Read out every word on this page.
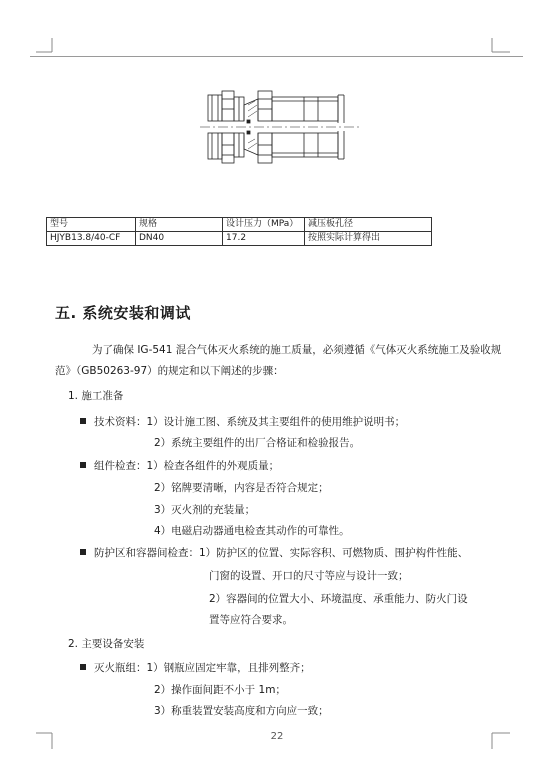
型号	规格	设计压力（MPa）	减压板孔径
HJYB13.8/40-CF	DN40	17.2	按照实际计算得出
五. 系统安装和调试
为了确保 IG-541 混合气体灭火系统的施工质量，必须遵循《气体灭火系统施工及验收规范》（GB50263-97）的规定和以下阐述的步骤：
1. 施工准备
技术资料：1）设计施工图、系统及其主要组件的使用维护说明书；
2）系统主要组件的出厂合格证和检验报告。
组件检查：1）检查各组件的外观质量；
2）铭牌要清晰，内容是否符合规定；
3）灭火剂的充装量；
4）电磁启动器通电检查其动作的可靠性。
防护区和容器间检查：1）防护区的位置、实际容积、可燃物质、围护构件性能、
门窗的设置、开口的尺寸等应与设计一致；
2）容器间的位置大小、环境温度、承重能力、防火门设
置等应符合要求。
2. 主要设备安装
灭火瓶组：1）钢瓶应固定牢靠，且排列整齐；
2）操作面间距不小于 1m；
3）称重装置安装高度和方向应一致；
22
